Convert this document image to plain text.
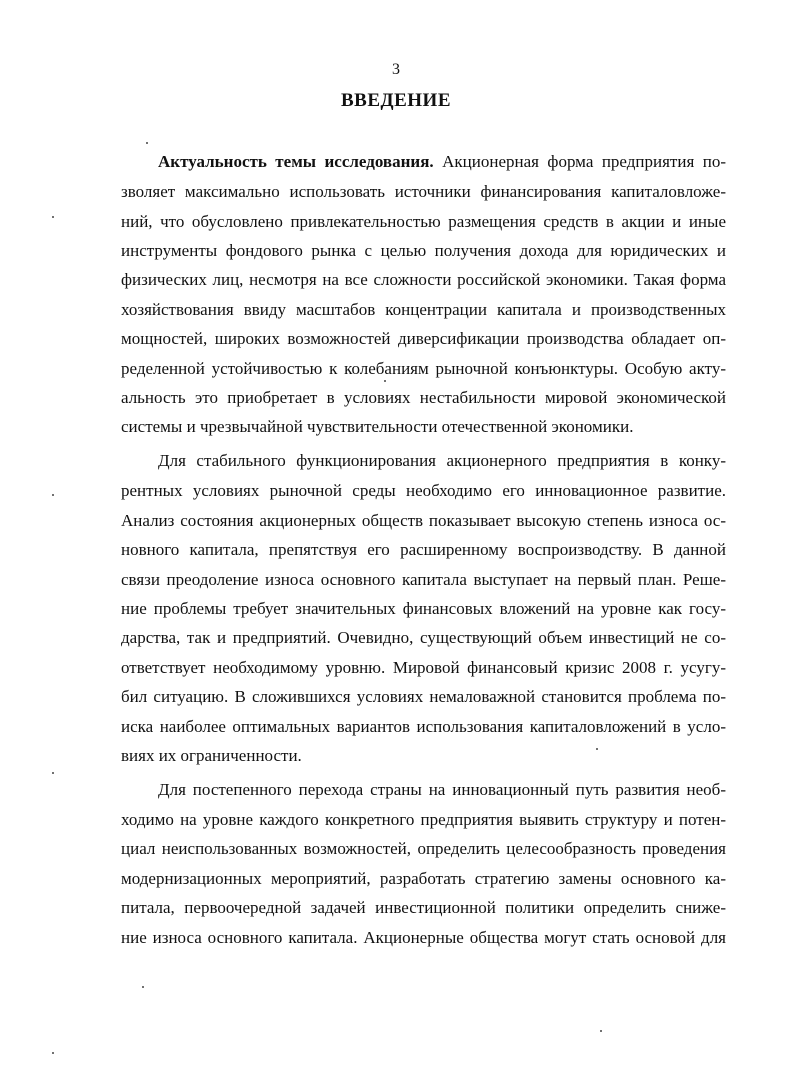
3
ВВЕДЕНИЕ
Актуальность темы исследования. Акционерная форма предприятия по-
зволяет максимально использовать источники финансирования капиталовложе-
ний, что обусловлено привлекательностью размещения средств в акции и иные
инструменты фондового рынка с целью получения дохода для юридических и
физических лиц, несмотря на все сложности российской экономики. Такая форма
хозяйствования ввиду масштабов концентрации капитала и производственных
мощностей, широких возможностей диверсификации производства обладает оп-
ределенной устойчивостью к колебаниям рыночной конъюнктуры. Особую акту-
альность это приобретает в условиях нестабильности мировой экономической
системы и чрезвычайной чувствительности отечественной экономики.
Для стабильного функционирования акционерного предприятия в конку-
рентных условиях рыночной среды необходимо его инновационное развитие.
Анализ состояния акционерных обществ показывает высокую степень износа ос-
новного капитала, препятствуя его расширенному воспроизводству. В данной
связи преодоление износа основного капитала выступает на первый план. Реше-
ние проблемы требует значительных финансовых вложений на уровне как госу-
дарства, так и предприятий. Очевидно, существующий объем инвестиций не со-
ответствует необходимому уровню. Мировой финансовый кризис 2008 г. усугу-
бил ситуацию. В сложившихся условиях немаловажной становится проблема по-
иска наиболее оптимальных вариантов использования капиталовложений в усло-
виях их ограниченности.
Для постепенного перехода страны на инновационный путь развития необ-
ходимо на уровне каждого конкретного предприятия выявить структуру и потен-
циал неиспользованных возможностей, определить целесообразность проведения
модернизационных мероприятий, разработать стратегию замены основного ка-
питала, первоочередной задачей инвестиционной политики определить сниже-
ние износа основного капитала. Акционерные общества могут стать основой для
